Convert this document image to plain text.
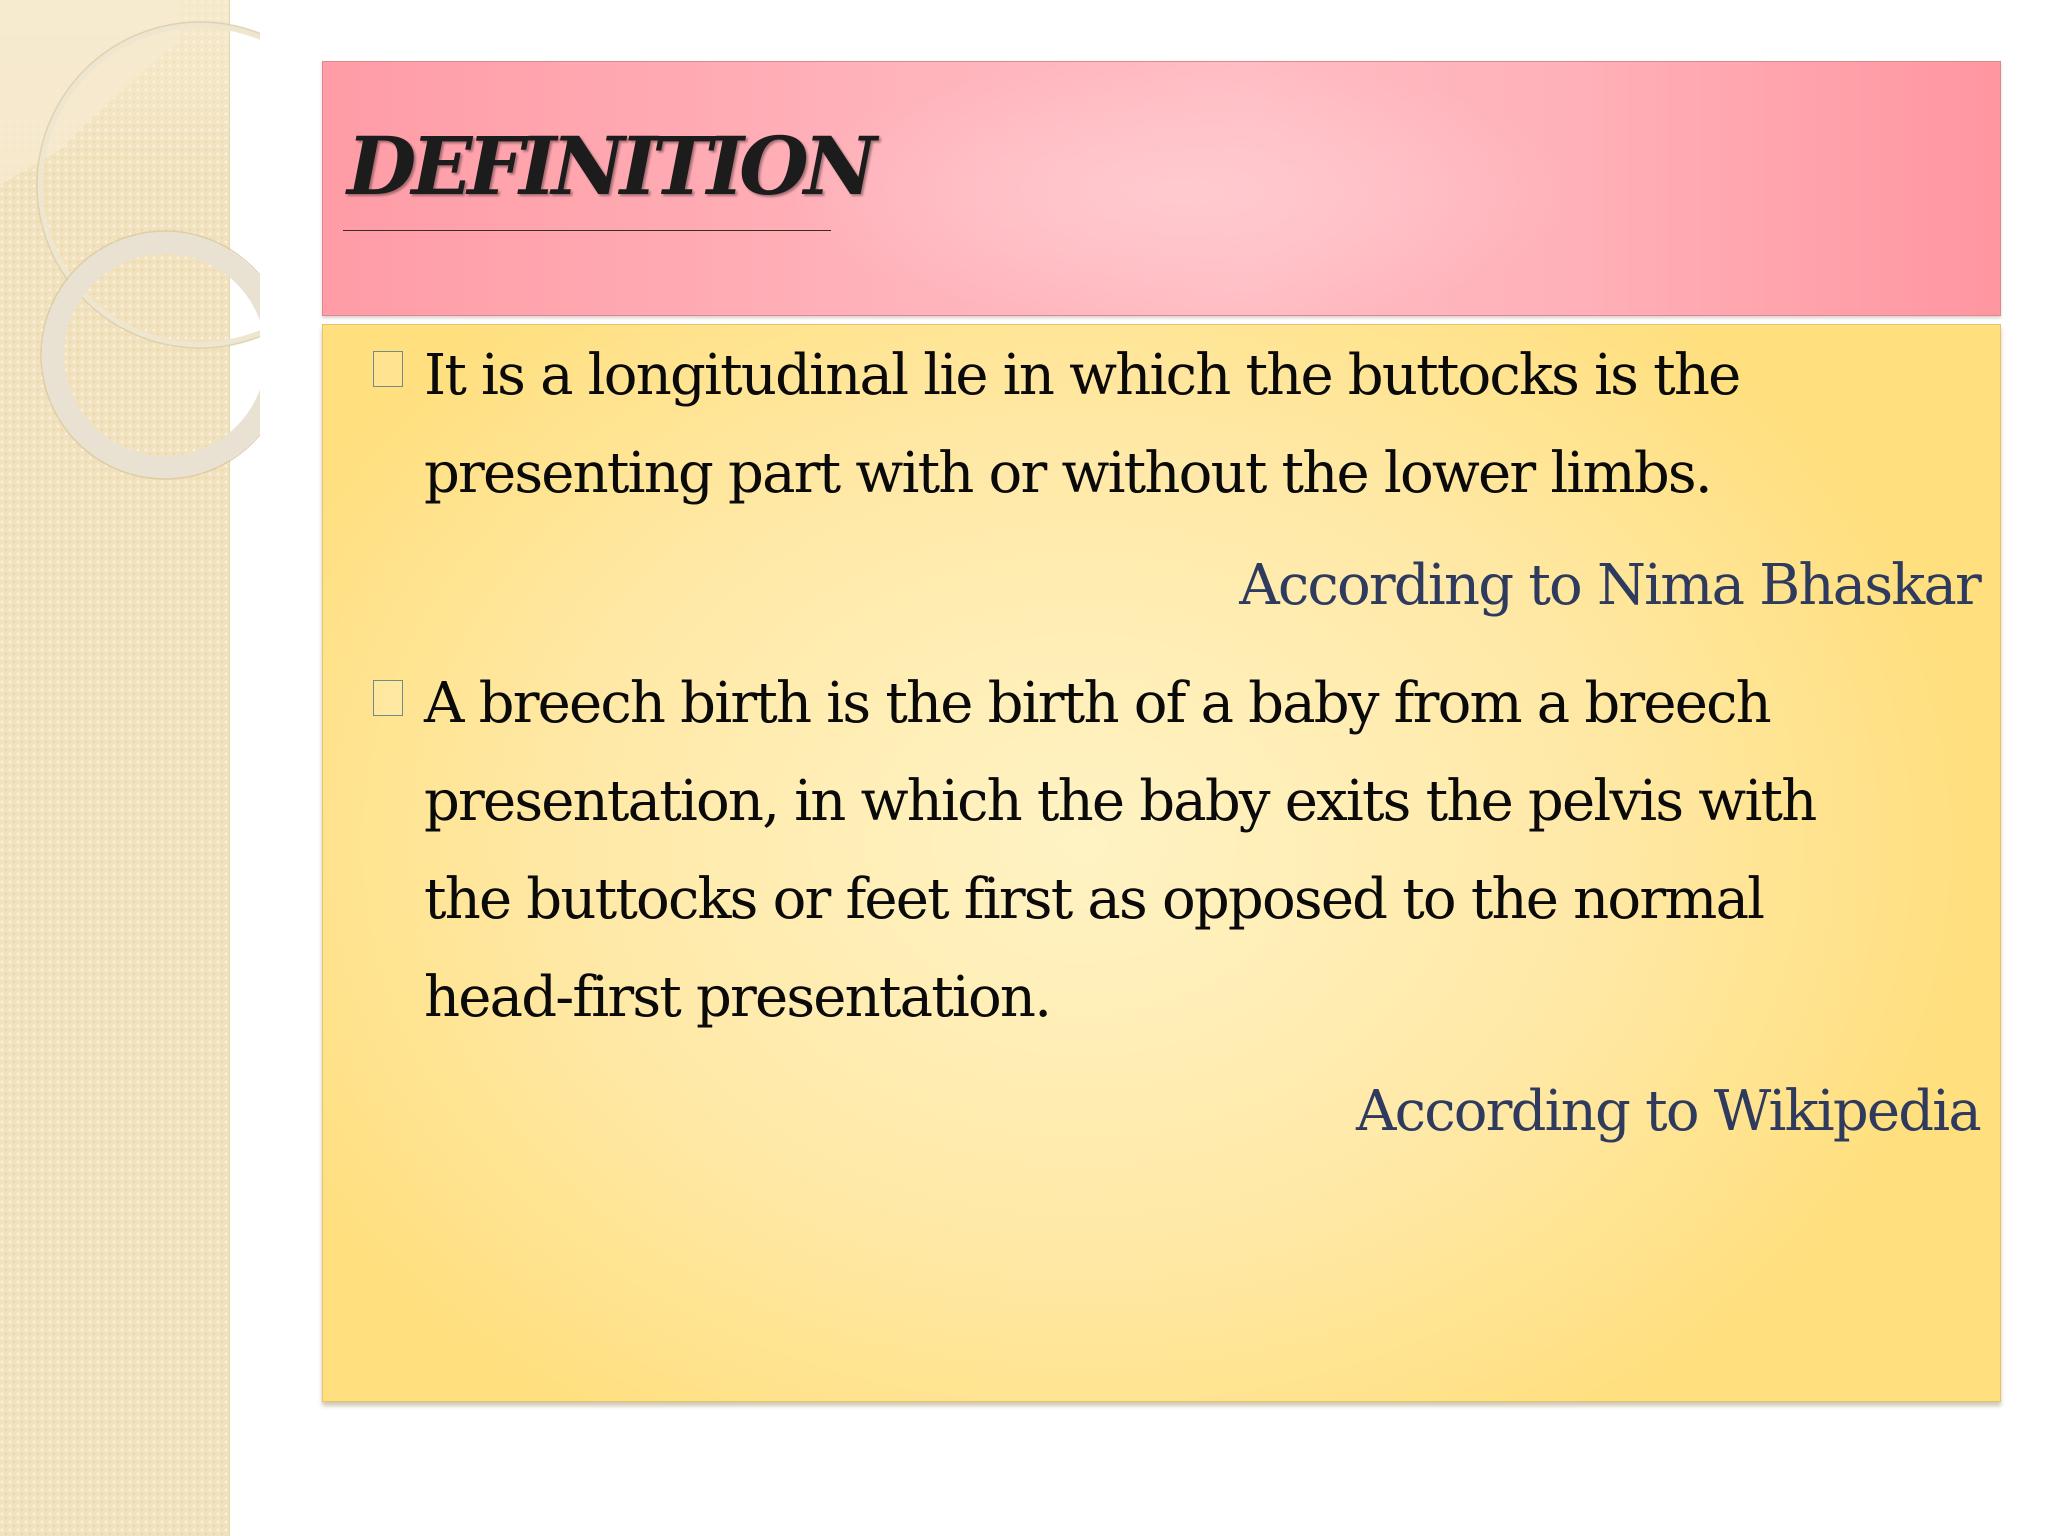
DEFINITION

It is a longitudinal lie in which the buttocks is the presenting part with or without the lower limbs.

According to Nima Bhaskar

A breech birth is the birth of a baby from a breech presentation, in which the baby exits the pelvis with the buttocks or feet first as opposed to the normal head-first presentation.

According to Wikipedia
